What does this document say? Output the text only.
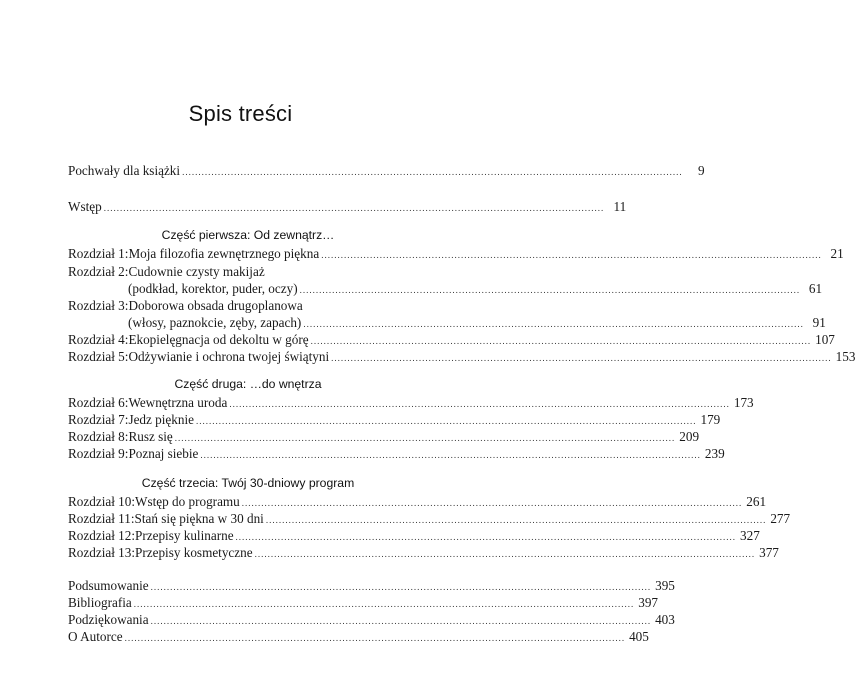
Spis treści
Pochwały dla książki ..........................................................................................................................................................	9
Wstęp .......................................................................................................................................................... 11
Część pierwsza: Od zewnątrz…
Rozdział 1: Moja filozofia zewnętrznego piękna .......................................................................................................................................................... 21
Rozdział 2: Cudownie czysty makijaż
(podkład, korektor, puder, oczy) .......................................................................................................................................................... 61
Rozdział 3: Doborowa obsada drugoplanowa
(włosy, paznokcie, zęby, zapach) .......................................................................................................................................................... 91
Rozdział 4: Ekopielęgnacja od dekoltu w górę .......................................................................................................................................................... 107
Rozdział 5: Odżywianie i ochrona twojej świątyni .......................................................................................................................................................... 153
Część druga: …do wnętrza
Rozdział 6: Wewnętrzna uroda .......................................................................................................................................................... 173
Rozdział 7: Jedz pięknie .......................................................................................................................................................... 179
Rozdział 8: Rusz się .......................................................................................................................................................... 209
Rozdział 9: Poznaj siebie .......................................................................................................................................................... 239
Część trzecia: Twój 30-dniowy program
Rozdział 10: Wstęp do programu .......................................................................................................................................................... 261
Rozdział 11: Stań się piękna w 30 dni .......................................................................................................................................................... 277
Rozdział 12: Przepisy kulinarne .......................................................................................................................................................... 327
Rozdział 13: Przepisy kosmetyczne .......................................................................................................................................................... 377
Podsumowanie .......................................................................................................................................................... 395
Bibliografia .......................................................................................................................................................... 397
Podziękowania .......................................................................................................................................................... 403
O Autorce .......................................................................................................................................................... 405
